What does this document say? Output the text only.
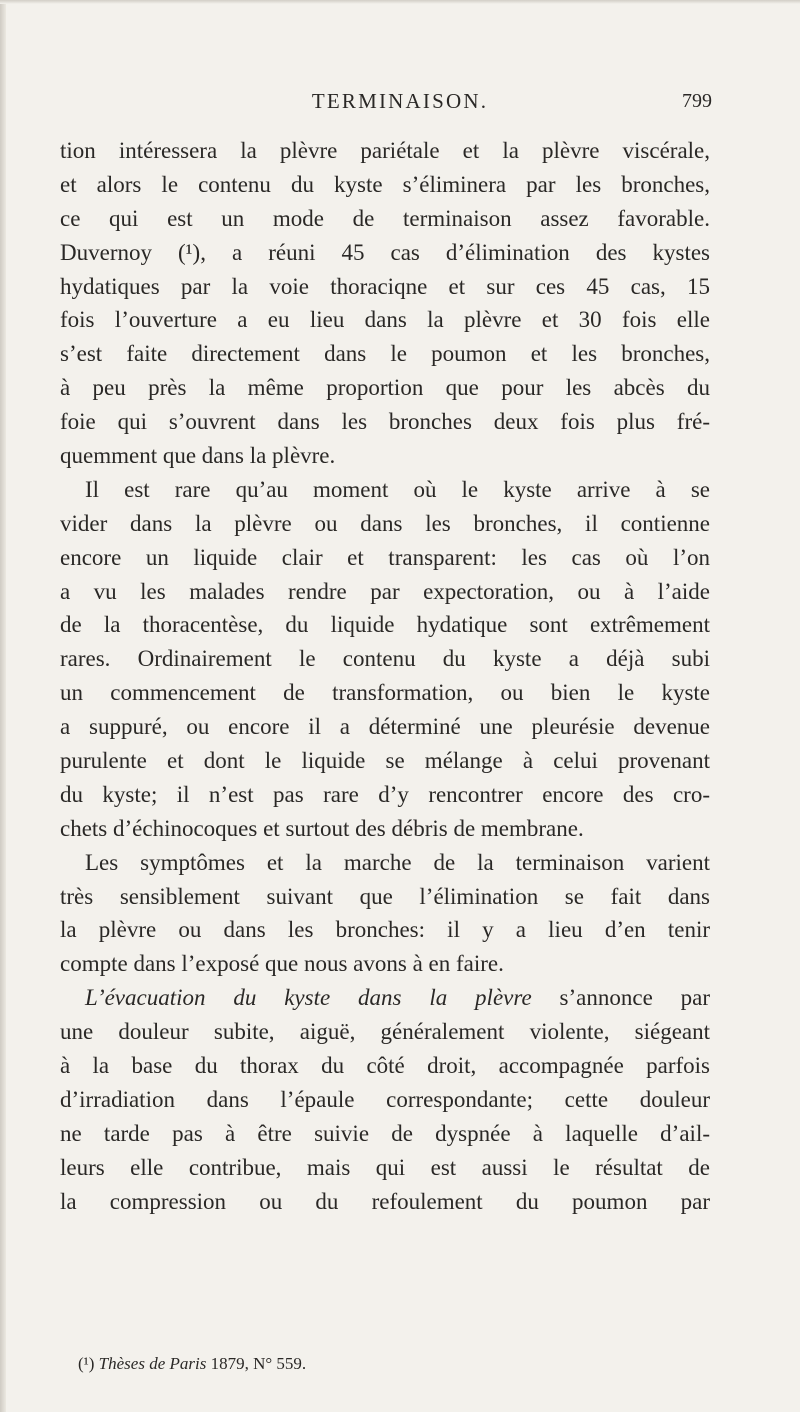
TERMINAISON.	799
tion intéressera la plèvre pariétale et la plèvre viscérale,
et alors le contenu du kyste s’éliminera par les bronches,
ce qui est un mode de terminaison assez favorable.
Duvernoy (¹), a réuni 45 cas d’élimination des kystes
hydatiques par la voie thoraciqne et sur ces 45 cas, 15
fois l’ouverture a eu lieu dans la plèvre et 30 fois elle
s’est faite directement dans le poumon et les bronches,
à peu près la même proportion que pour les abcès du
foie qui s’ouvrent dans les bronches deux fois plus fré-
quemment que dans la plèvre.
Il est rare qu’au moment où le kyste arrive à se
vider dans la plèvre ou dans les bronches, il contienne
encore un liquide clair et transparent: les cas où l’on
a vu les malades rendre par expectoration, ou à l’aide
de la thoracentèse, du liquide hydatique sont extrêmement
rares. Ordinairement le contenu du kyste a déjà subi
un commencement de transformation, ou bien le kyste
a suppuré, ou encore il a déterminé une pleurésie devenue
purulente et dont le liquide se mélange à celui provenant
du kyste; il n’est pas rare d’y rencontrer encore des cro-
chets d’échinocoques et surtout des débris de membrane.
Les symptômes et la marche de la terminaison varient
très sensiblement suivant que l’élimination se fait dans
la plèvre ou dans les bronches: il y a lieu d’en tenir
compte dans l’exposé que nous avons à en faire.
L’évacuation du kyste dans la plèvre s’annonce par
une douleur subite, aiguë, généralement violente, siégeant
à la base du thorax du côté droit, accompagnée parfois
d’irradiation dans l’épaule correspondante; cette douleur
ne tarde pas à être suivie de dyspnée à laquelle d’ail-
leurs elle contribue, mais qui est aussi le résultat de
la compression ou du refoulement du poumon par
(¹) Thèses de Paris 1879, N° 559.
